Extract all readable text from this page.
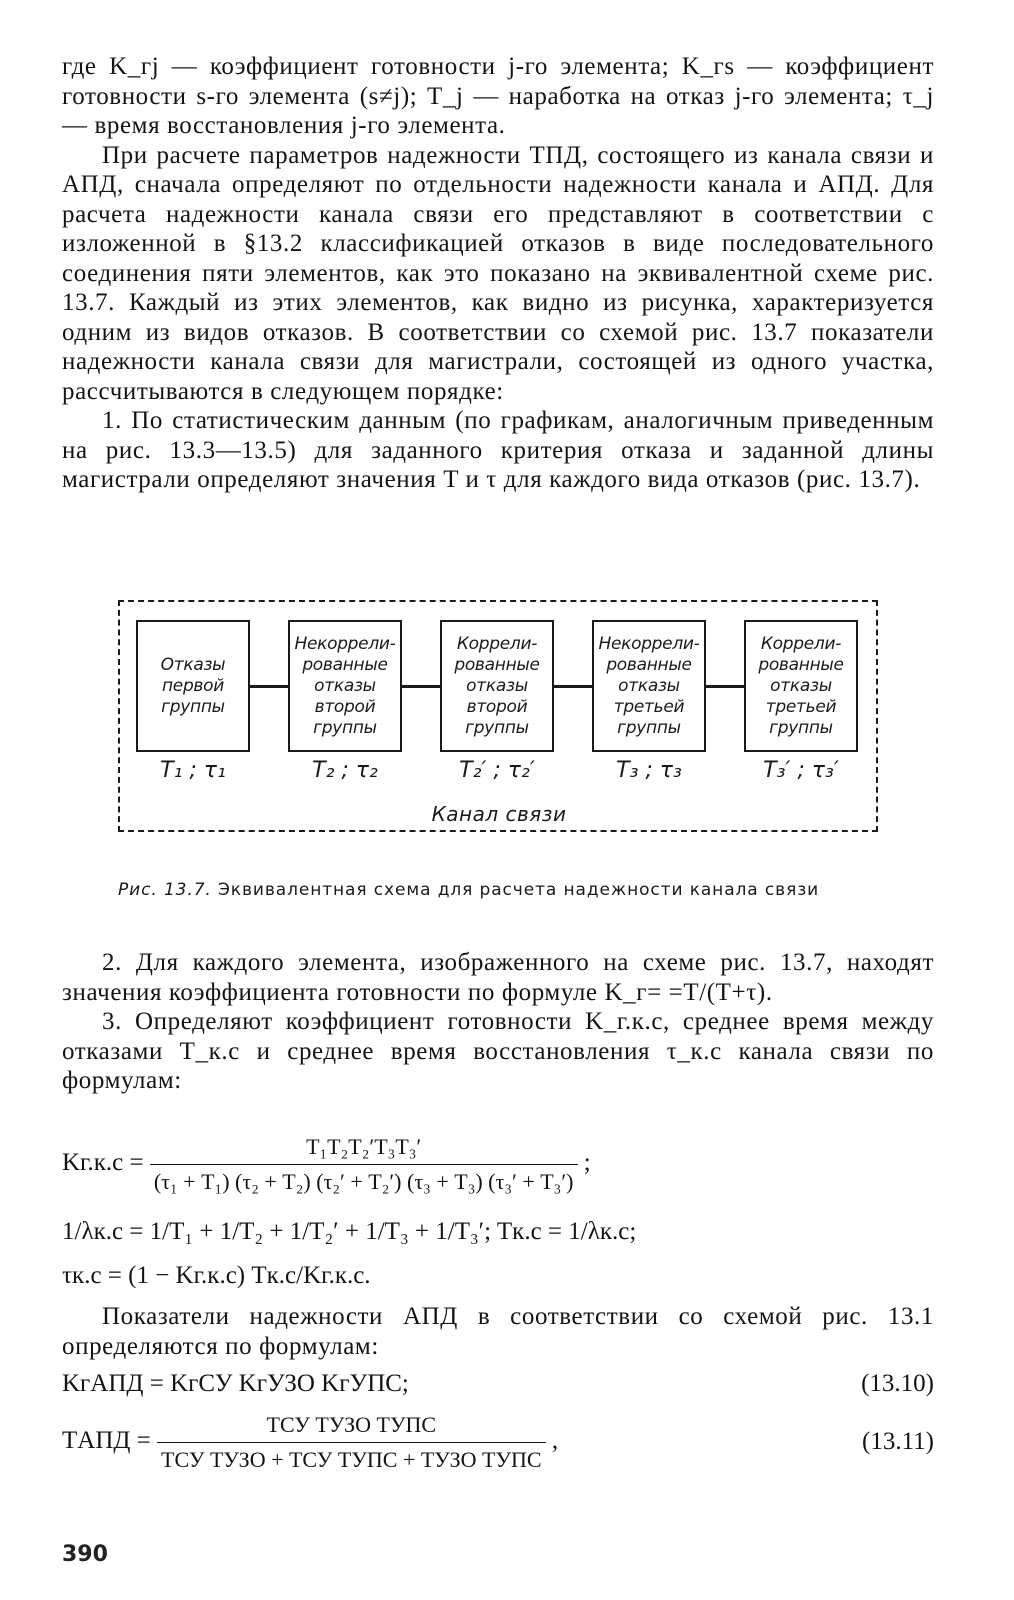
где K_гj — коэффициент готовности j-го элемента; K_гs — коэффициент готовности s-го элемента (s≠j); T_j — наработка на отказ j-го элемента; τ_j — время восстановления j-го элемента.

При расчете параметров надежности ТПД, состоящего из канала связи и АПД, сначала определяют по отдельности надежности канала и АПД. Для расчета надежности канала связи его представляют в соответствии с изложенной в §13.2 классификацией отказов в виде последовательного соединения пяти элементов, как это показано на эквивалентной схеме рис. 13.7. Каждый из этих элементов, как видно из рисунка, характеризуется одним из видов отказов. В соответствии со схемой рис. 13.7 показатели надежности канала связи для магистрали, состоящей из одного участка, рассчитываются в следующем порядке:

1. По статистическим данным (по графикам, аналогичным приведенным на рис. 13.3—13.5) для заданного критерия отказа и заданной длины магистрали определяют значения T и τ для каждого вида отказов (рис. 13.7).

Отказы
первой
группы
Некоррели-
рованные
отказы
второй
группы
Коррели-
рованные
отказы
второй
группы
Некоррели-
рованные
отказы
третьей
группы
Коррели-
рованные
отказы
третьей
группы
T₁ ; τ₁	T₂ ; τ₂	T₂′ ; τ₂′	T₃ ; τ₃	T₃′ ; τ₃′
Канал связи
Рис. 13.7. Эквивалентная схема для расчета надежности канала связи

2. Для каждого элемента, изображенного на схеме рис. 13.7, находят значения коэффициента готовности по формуле K_г= =T/(T+τ).

3. Определяют коэффициент готовности K_г.к.с, среднее время между отказами T_к.с и среднее время восстановления τ_к.с канала связи по формулам:

$Kг.к.с = \frac{\text{T₁T₂T₂′T₃T₃′}}{\text{(τ₁ + T₁) (τ₂ + T₂) (τ₂′ + T₂′) (τ₃ + T₃) (τ₃′ + T₃′)}}$ ;
1/λк.с = 1/T₁ + 1/T₂ + 1/T₂′ + 1/T₃ + 1/T₃′; Tк.с = 1/λк.с;
τк.с = (1 − Kг.к.с) Tк.с/Kг.к.с.

Показатели надежности АПД в соответствии со схемой рис. 13.1 определяются по формулам:

KгАПД = KгСУ KгУЗО KгУПС;	(13.10)
TАПД = $\frac{\text{TСУ TУЗО TУПС}}{\text{TСУ TУЗО + TСУ TУПС + TУЗО TУПС}}$ ,	(13.11)
390
